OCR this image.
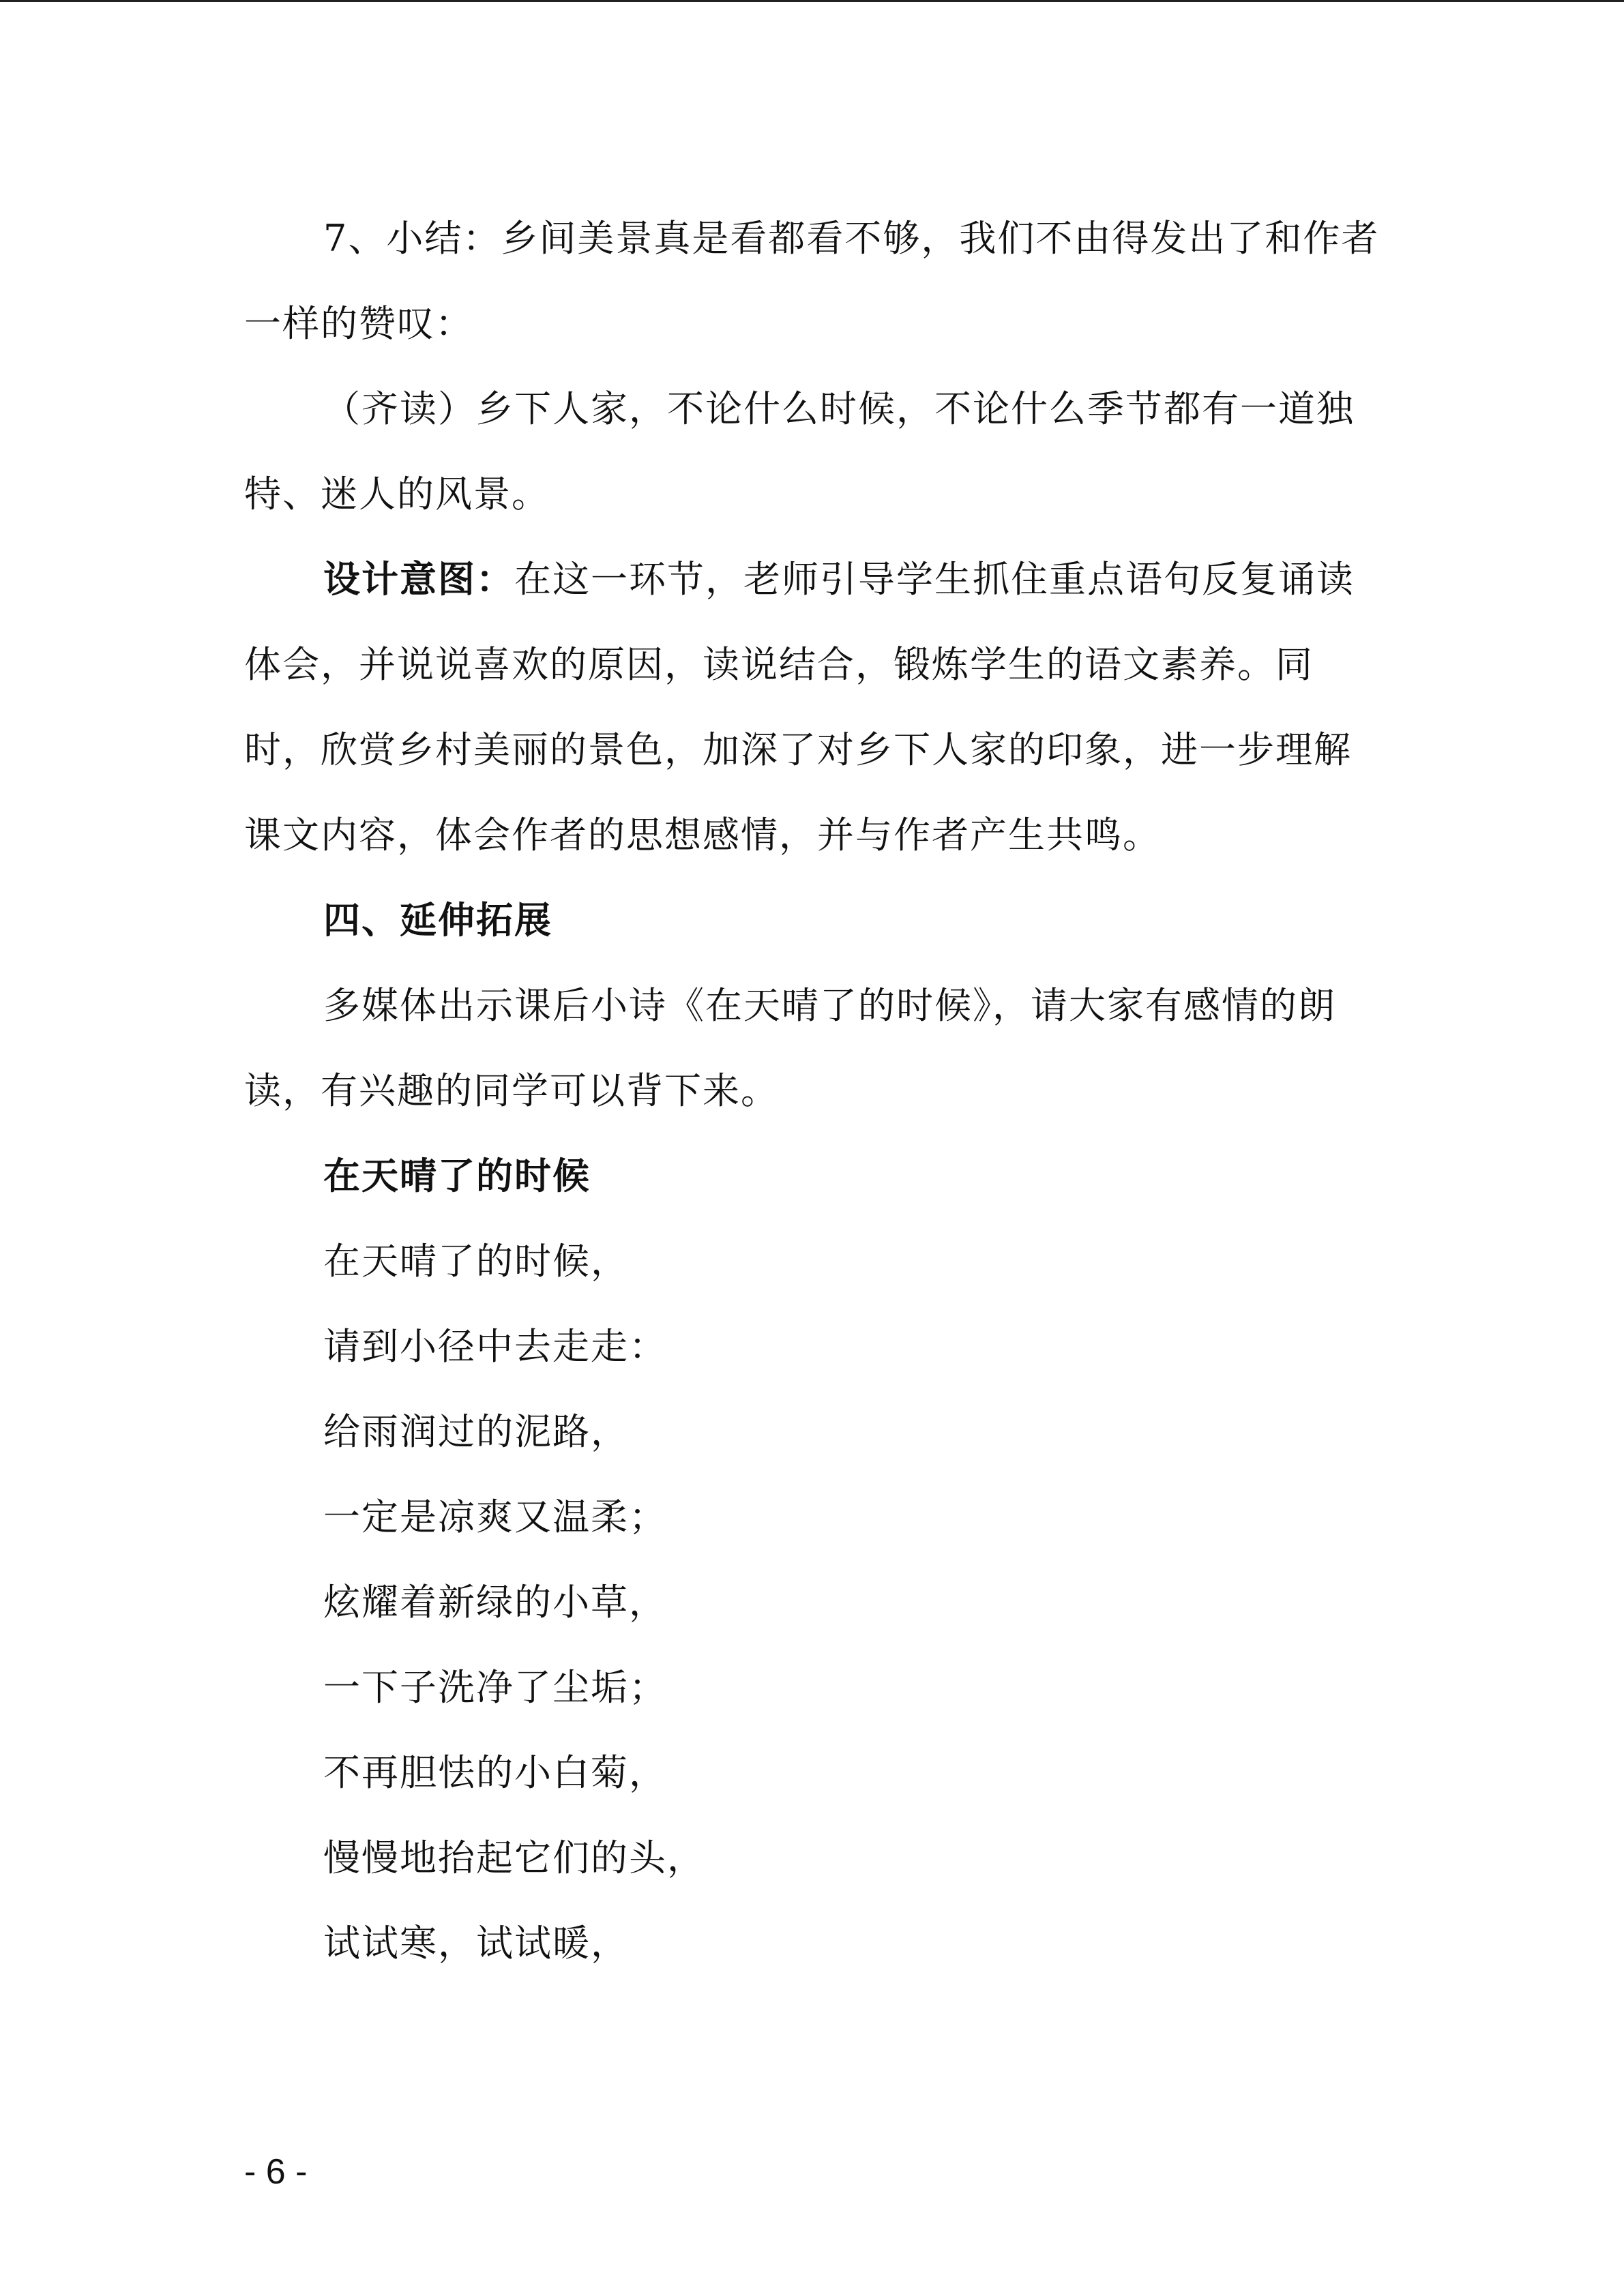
7、小结：乡间美景真是看都看不够，我们不由得发出了和作者
一样的赞叹：
（齐读）乡下人家，不论什么时候，不论什么季节都有一道独
特、迷人的风景。
设计意图：在这一环节，老师引导学生抓住重点语句反复诵读
体会，并说说喜欢的原因，读说结合，锻炼学生的语文素养。同
时，欣赏乡村美丽的景色，加深了对乡下人家的印象，进一步理解
课文内容，体会作者的思想感情，并与作者产生共鸣。
四、延伸拓展
多媒体出示课后小诗《在天晴了的时候》，请大家有感情的朗
读，有兴趣的同学可以背下来。
在天晴了的时候
在天晴了的时候，
请到小径中去走走：
给雨润过的泥路，
一定是凉爽又温柔；
炫耀着新绿的小草，
一下子洗净了尘垢；
不再胆怯的小白菊，
慢慢地抬起它们的头，
试试寒，试试暖，
- 6 -
